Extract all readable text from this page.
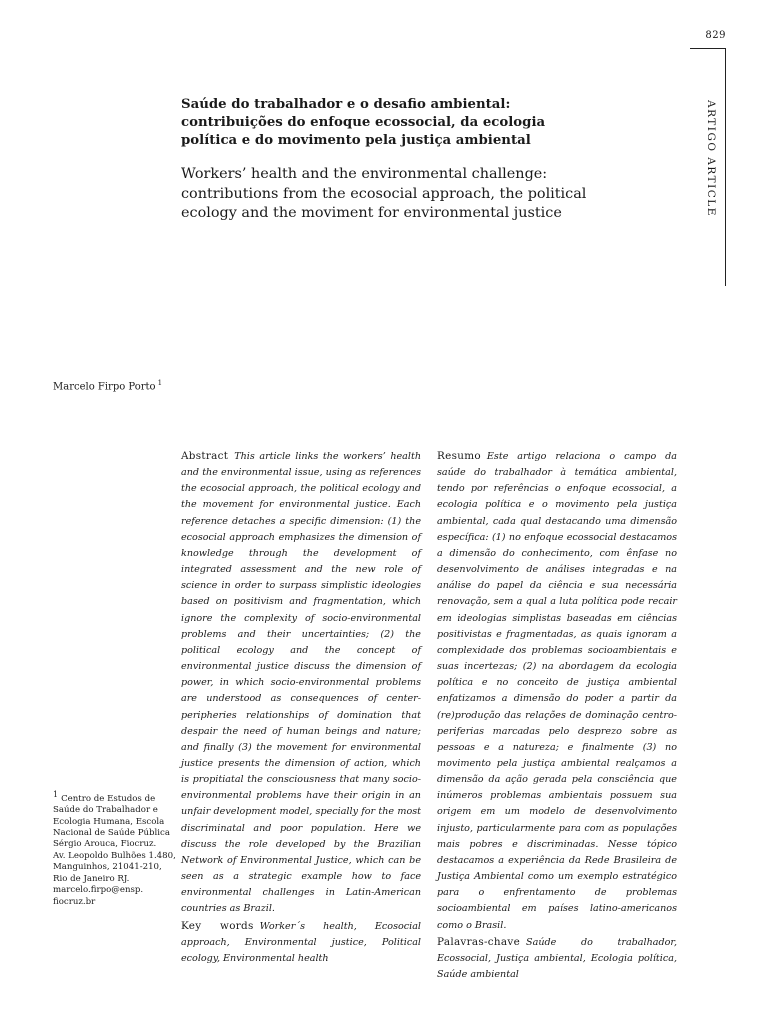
829
ARTIGO ARTICLE
Saúde do trabalhador e o desafio ambiental: contribuições do enfoque ecossocial, da ecologia política e do movimento pela justiça ambiental
Workers’ health and the environmental challenge: contributions from the ecosocial approach, the political ecology and the moviment for environmental justice
Marcelo Firpo Porto $^1$
$^1$ Centro de Estudos de
Saúde do Trabalhador e
Ecologia Humana, Escola
Nacional de Saúde Pública
Sérgio Arouca, Fiocruz.
Av. Leopoldo Bulhões 1.480,
Manguinhos, 21041-210,
Rio de Janeiro RJ.
marcelo.firpo@ensp.
fiocruz.br

Abstract This article links the workers’ health and the environmental issue, using as references the ecosocial approach, the political ecology and the movement for environmental justice. Each reference detaches a specific dimension: (1) the ecosocial approach emphasizes the dimension of knowledge through the development of integrated assessment and the new role of science in order to surpass simplistic ideologies based on positivism and fragmentation, which ignore the complexity of socio-environmental problems and their uncertainties; (2) the political ecology and the concept of environmental justice discuss the dimension of power, in which socio-environmental problems are understood as consequences of center-peripheries relationships of domination that despair the need of human beings and nature; and finally (3) the movement for environmental justice presents the dimension of action, which is propitiatal the consciousness that many socio-environmental problems have their origin in an unfair development model, specially for the most discriminatal and poor population. Here we discuss the role developed by the Brazilian Network of Environmental Justice, which can be seen as a strategic example how to face environmental challenges in Latin-American countries as Brazil.

Key words Worker´s health, Ecosocial approach, Environmental justice, Political ecology, Environmental health

Resumo Este artigo relaciona o campo da saúde do trabalhador à temática ambiental, tendo por referências o enfoque ecossocial, a ecologia política e o movimento pela justiça ambiental, cada qual destacando uma dimensão específica: (1) no enfoque ecossocial destacamos a dimensão do conhecimento, com ênfase no desenvolvimento de análises integradas e na análise do papel da ciência e sua necessária renovação, sem a qual a luta política pode recair em ideologias simplistas baseadas em ciências positivistas e fragmentadas, as quais ignoram a complexidade dos problemas socioambientais e suas incertezas; (2) na abordagem da ecologia política e no conceito de justiça ambiental enfatizamos a dimensão do poder a partir da (re)produção das relações de dominação centro-periferias marcadas pelo desprezo sobre as pessoas e a natureza; e finalmente (3) no movimento pela justiça ambiental realçamos a dimensão da ação gerada pela consciência que inúmeros problemas ambientais possuem sua origem em um modelo de desenvolvimento injusto, particularmente para com as populações mais pobres e discriminadas. Nesse tópico destacamos a experiência da Rede Brasileira de Justiça Ambiental como um exemplo estratégico para o enfrentamento de problemas socioambiental em países latino-americanos como o Brasil.

Palavras-chave Saúde do trabalhador, Ecossocial, Justiça ambiental, Ecologia política, Saúde ambiental
